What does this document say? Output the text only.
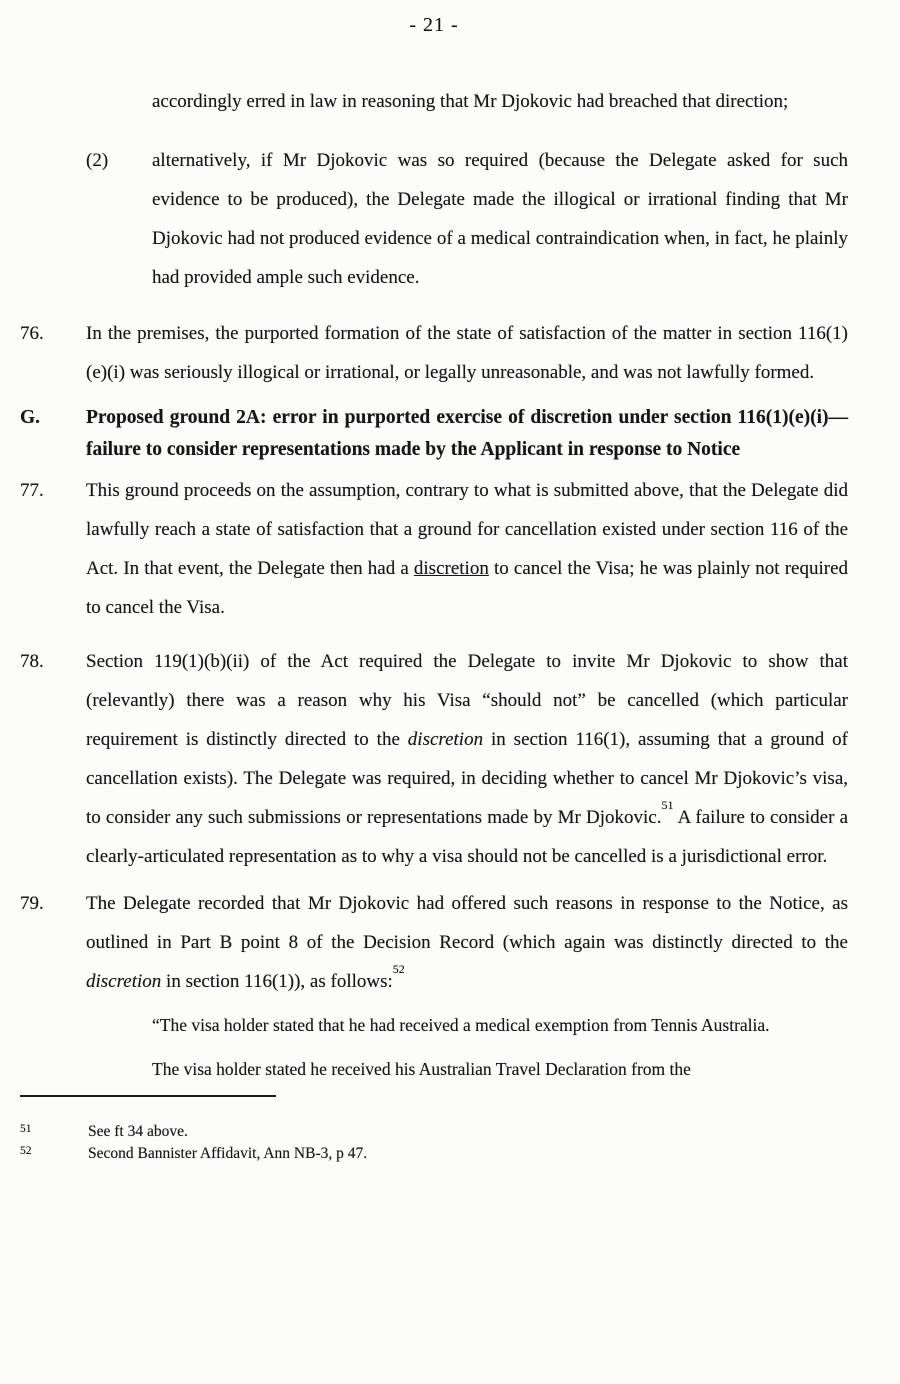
- 21 -
accordingly erred in law in reasoning that Mr Djokovic had breached that direction;
(2)	alternatively, if Mr Djokovic was so required (because the Delegate asked for such evidence to be produced), the Delegate made the illogical or irrational finding that Mr Djokovic had not produced evidence of a medical contraindication when, in fact, he plainly had provided ample such evidence.
76.	In the premises, the purported formation of the state of satisfaction of the matter in section 116(1)(e)(i) was seriously illogical or irrational, or legally unreasonable, and was not lawfully formed.
G.	Proposed ground 2A: error in purported exercise of discretion under section 116(1)(e)(i)—failure to consider representations made by the Applicant in response to Notice
77.	This ground proceeds on the assumption, contrary to what is submitted above, that the Delegate did lawfully reach a state of satisfaction that a ground for cancellation existed under section 116 of the Act. In that event, the Delegate then had a discretion to cancel the Visa; he was plainly not required to cancel the Visa.
78.	Section 119(1)(b)(ii) of the Act required the Delegate to invite Mr Djokovic to show that (relevantly) there was a reason why his Visa “should not” be cancelled (which particular requirement is distinctly directed to the discretion in section 116(1), assuming that a ground of cancellation exists). The Delegate was required, in deciding whether to cancel Mr Djokovic’s visa, to consider any such submissions or representations made by Mr Djokovic.$^{51}$ A failure to consider a clearly-articulated representation as to why a visa should not be cancelled is a jurisdictional error.
79.	The Delegate recorded that Mr Djokovic had offered such reasons in response to the Notice, as outlined in Part B point 8 of the Decision Record (which again was distinctly directed to the discretion in section 116(1)), as follows:$^{52}$
“The visa holder stated that he had received a medical exemption from Tennis Australia.
The visa holder stated he received his Australian Travel Declaration from the
51	See ft 34 above.
52	Second Bannister Affidavit, Ann NB-3, p 47.
